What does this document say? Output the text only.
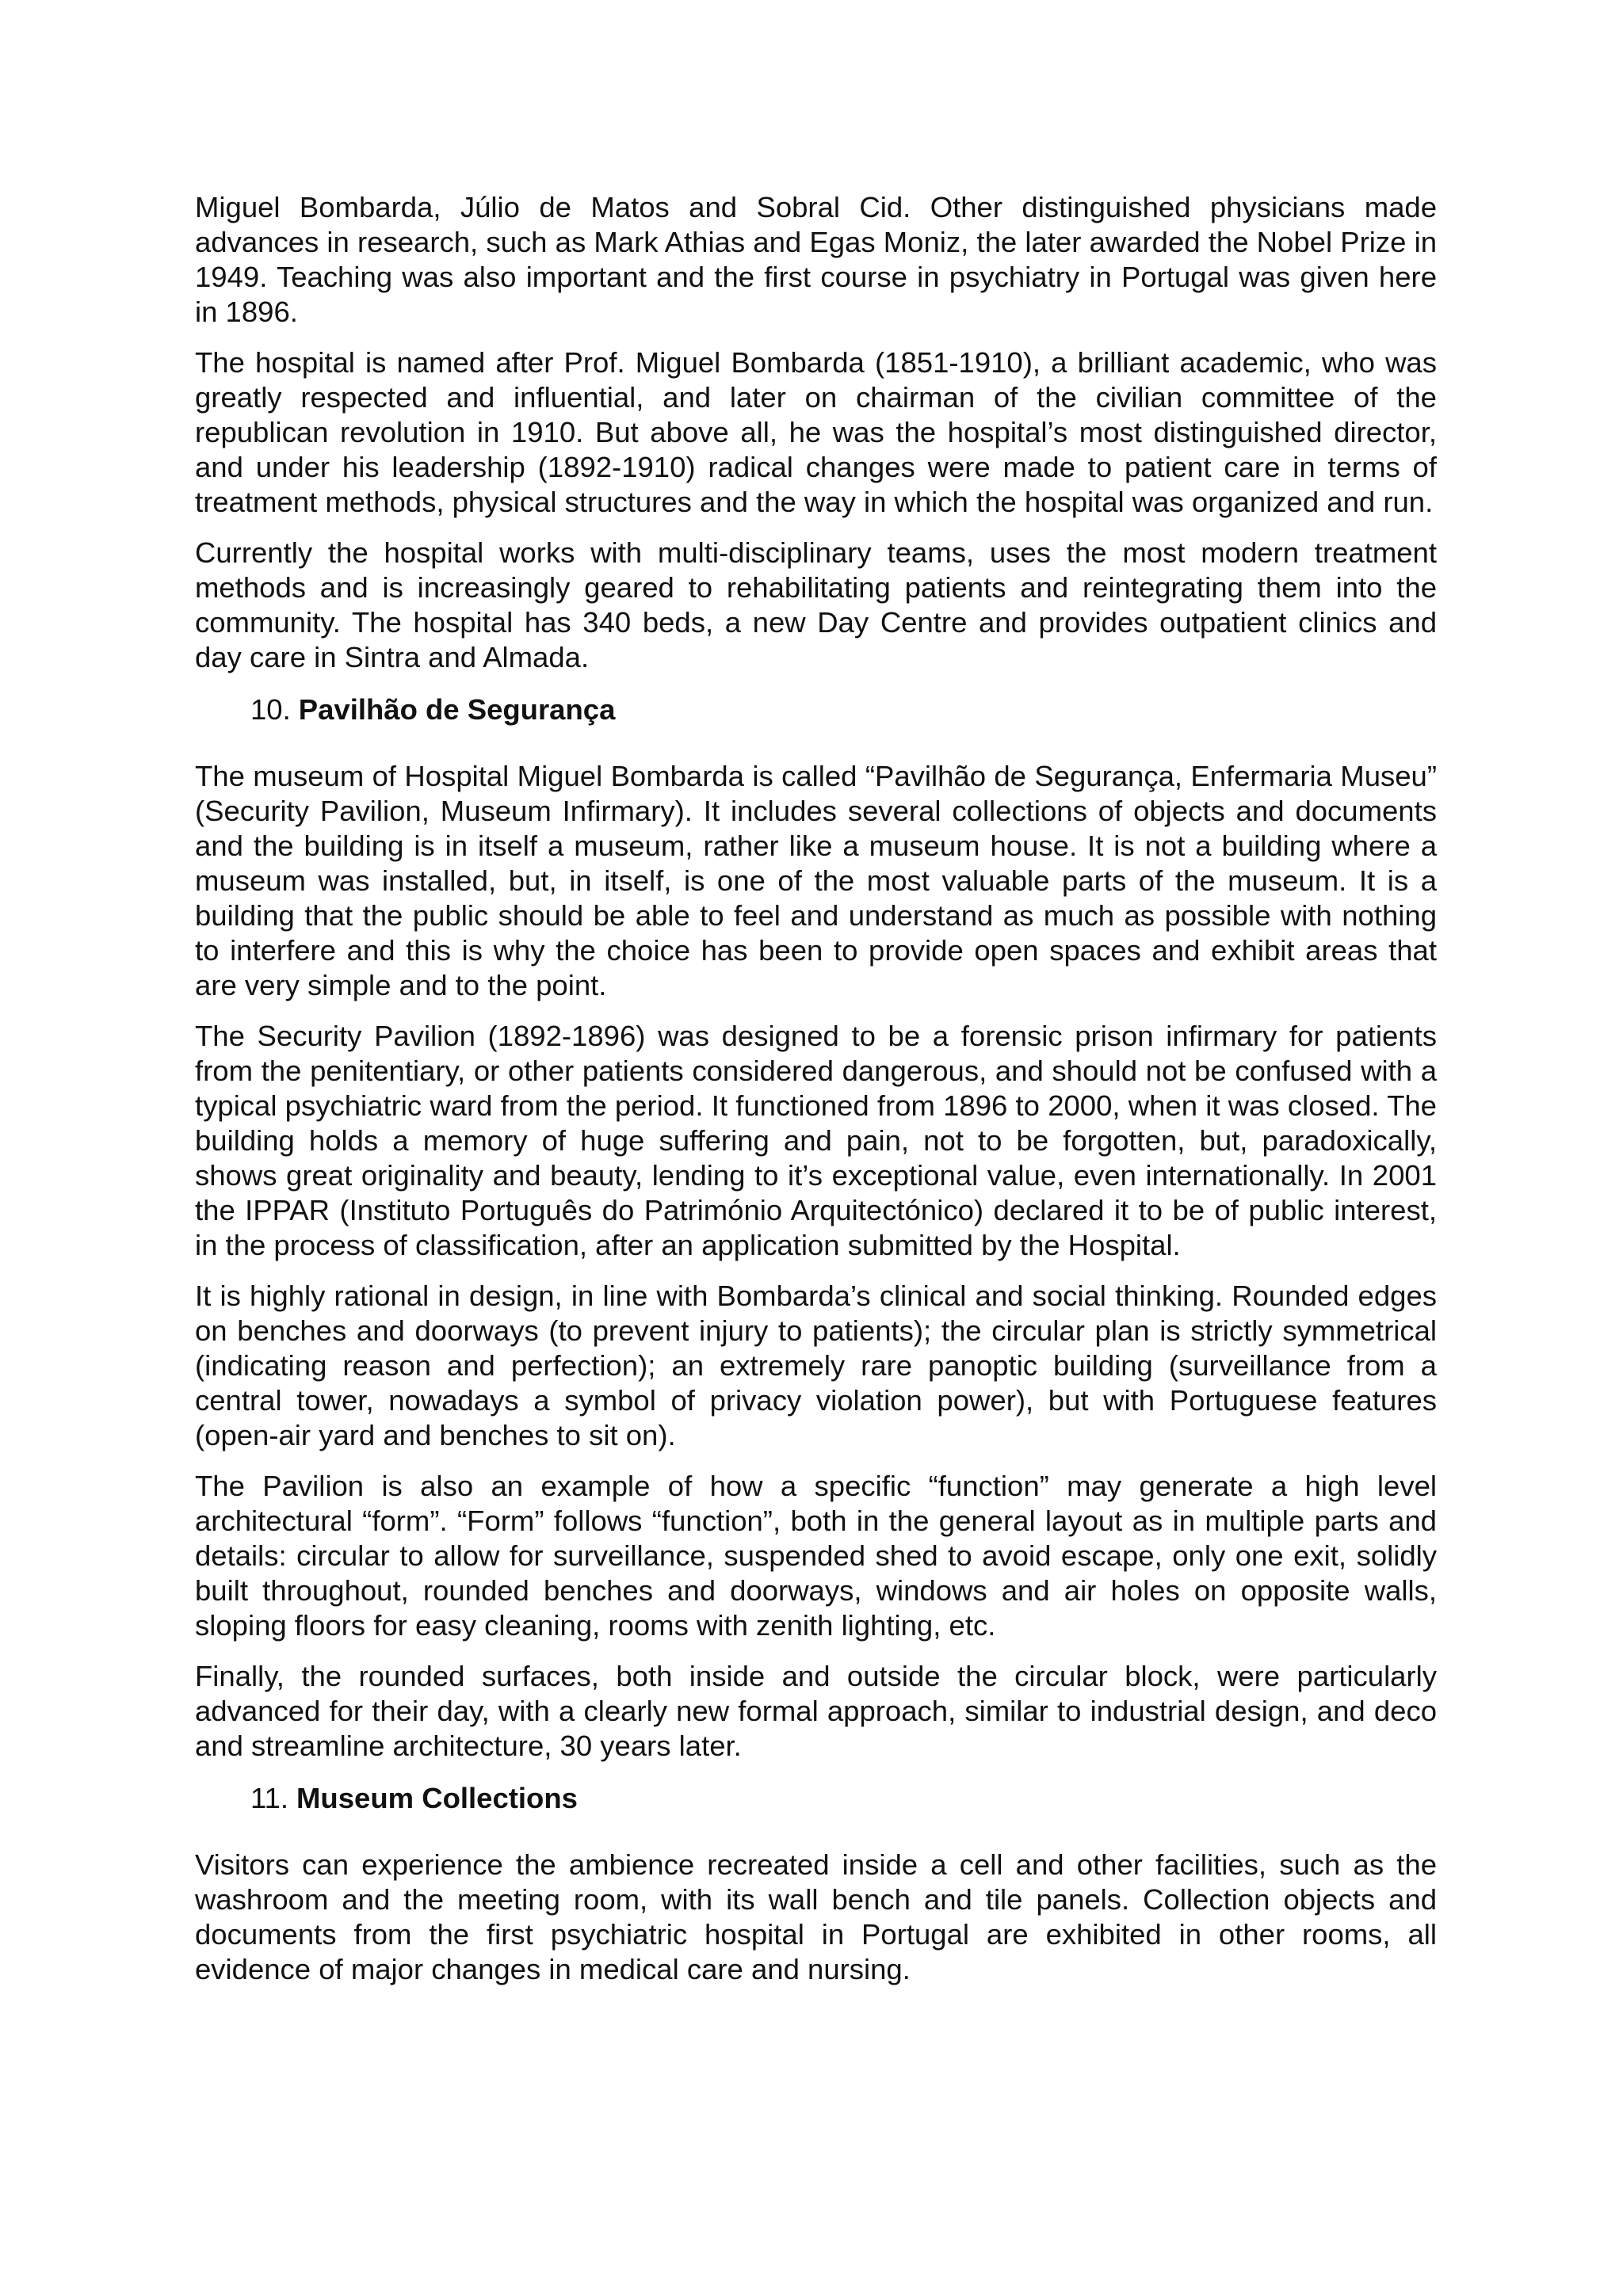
Miguel Bombarda, Júlio de Matos and Sobral Cid. Other distinguished physicians made advances in research, such as Mark Athias and Egas Moniz, the later awarded the Nobel Prize in 1949. Teaching was also important and the first course in psychiatry in Portugal was given here in 1896.

The hospital is named after Prof. Miguel Bombarda (1851-1910), a brilliant academic, who was greatly respected and influential, and later on chairman of the civilian committee of the republican revolution in 1910. But above all, he was the hospital’s most distinguished director, and under his leadership (1892-1910) radical changes were made to patient care in terms of treatment methods, physical structures and the way in which the hospital was organized and run.

Currently the hospital works with multi-disciplinary teams, uses the most modern treatment methods and is increasingly geared to rehabilitating patients and reintegrating them into the community. The hospital has 340 beds, a new Day Centre and provides outpatient clinics and day care in Sintra and Almada.

10. Pavilhão de Segurança

The museum of Hospital Miguel Bombarda is called “Pavilhão de Segurança, Enfermaria Museu” (Security Pavilion, Museum Infirmary). It includes several collections of objects and documents and the building is in itself a museum, rather like a museum house. It is not a building where a museum was installed, but, in itself, is one of the most valuable parts of the museum. It is a building that the public should be able to feel and understand as much as possible with nothing to interfere and this is why the choice has been to provide open spaces and exhibit areas that are very simple and to the point.

The Security Pavilion (1892-1896) was designed to be a forensic prison infirmary for patients from the penitentiary, or other patients considered dangerous, and should not be confused with a typical psychiatric ward from the period. It functioned from 1896 to 2000, when it was closed. The building holds a memory of huge suffering and pain, not to be forgotten, but, paradoxically, shows great originality and beauty, lending to it’s exceptional value, even internationally. In 2001 the IPPAR (Instituto Português do Património Arquitectónico) declared it to be of public interest, in the process of classification, after an application submitted by the Hospital.

It is highly rational in design, in line with Bombarda’s clinical and social thinking. Rounded edges on benches and doorways (to prevent injury to patients); the circular plan is strictly symmetrical (indicating reason and perfection); an extremely rare panoptic building (surveillance from a central tower, nowadays a symbol of privacy violation power), but with Portuguese features (open-air yard and benches to sit on).

The Pavilion is also an example of how a specific “function” may generate a high level architectural “form”. “Form” follows “function”, both in the general layout as in multiple parts and details: circular to allow for surveillance, suspended shed to avoid escape, only one exit, solidly built throughout, rounded benches and doorways, windows and air holes on opposite walls, sloping floors for easy cleaning, rooms with zenith lighting, etc.

Finally, the rounded surfaces, both inside and outside the circular block, were particularly advanced for their day, with a clearly new formal approach, similar to industrial design, and deco and streamline architecture, 30 years later.

11. Museum Collections

Visitors can experience the ambience recreated inside a cell and other facilities, such as the washroom and the meeting room, with its wall bench and tile panels. Collection objects and documents from the first psychiatric hospital in Portugal are exhibited in other rooms, all evidence of major changes in medical care and nursing.
